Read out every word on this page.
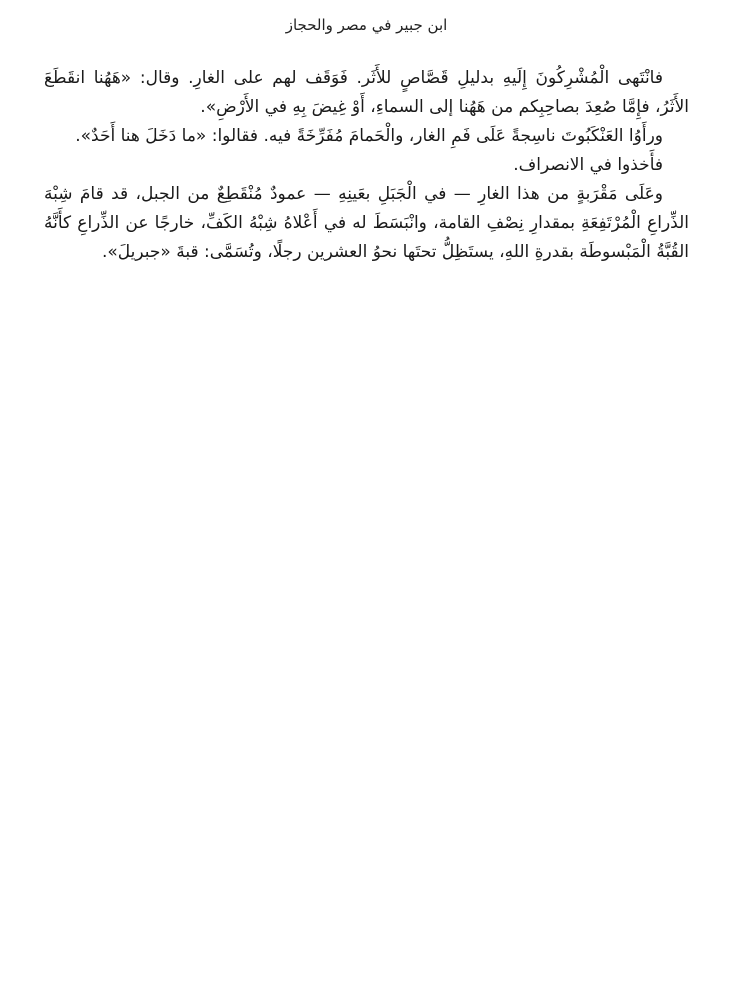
ابن جبير في مصر والحجاز

فانْتَهى الْمُشْرِكُونَ إِلَيهِ بدليلِ قَصَّاصٍ للأَثَر. فَوَقَف لهم على الغارِ. وقال: «هَهُنا انقَطَعَ الأَثَرُ، فإِمَّا صُعِدَ بصاحِبِكم من هَهُنا إلى السماءِ، أَوْ غِيضَ بِهِ في الأَرْضِ».

ورأَوُا العَنْكَبُوتَ ناسِجةً عَلَى فَمِ الغار، والْحَمامَ مُفَرِّخَةً فيه. فقالوا: «ما دَخَلَ هنا أَحَدٌ».

فأَخذوا في الانصراف.

وعَلَى مَقْرَبةٍ من هذا الغارِ — في الْجَبَلِ بعَينِهِ — عمودٌ مُنْقَطِعٌ من الجبل، قد قامَ شِبْهَ الذِّراعِ الْمُرْتَفِعَةِ بمقدارِ نِصْفِ القامة، وانْبَسَطَ له في أَعْلاهُ شِبْهُ الكَفِّ، خارجًا عن الذِّراعِ كأَنَّهُ القُبَّةُ الْمَبْسوطَة بقدرةِ اللهِ، يستَظِلُّ تحتَها نحوُ العشرين رجلًا، وتُسَمَّى: قبةَ «جبريلَ».
